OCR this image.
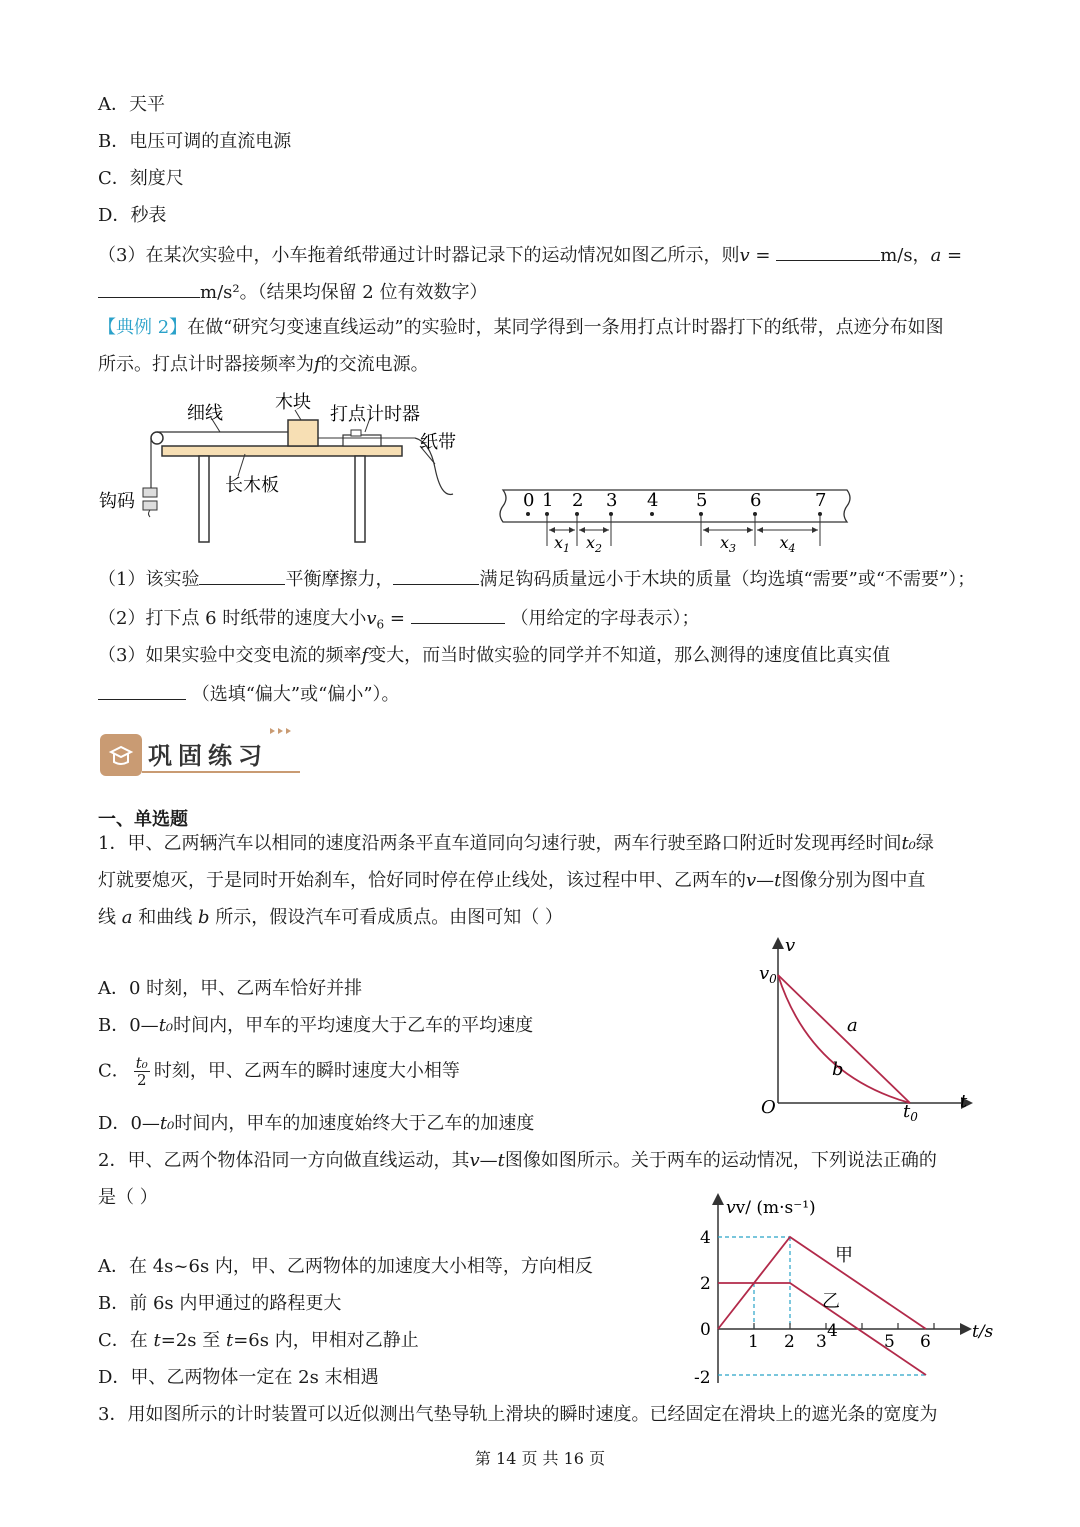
A．天平
B．电压可调的直流电源
C．刻度尺
D．秒表
（3）在某次实验中，小车拖着纸带通过计时器记录下的运动情况如图乙所示，则v =	m/s，a =
m/s²。（结果均保留 2 位有效数字）
【典例 2】在做“研究匀变速直线运动”的实验时，某同学得到一条用打点计时器打下的纸带，点迹分布如图
所示。打点计时器接频率为f的交流电源。
细线
木块
打点计时器
纸带
长木板
钩码	0 1 2 3 4 5 6	7
$x_1$ $x_2$	$x_3$	$x_4$
（1）该实验	平衡摩擦力，	满足钩码质量远小于木块的质量（均选填“需要”或“不需要”）；
（2）打下点 6 时纸带的速度大小$v_6$ =	（用给定的字母表示）；
（3）如果实验中交变电流的频率f变大，而当时做实验的同学并不知道，那么测得的速度值比真实值
（选填“偏大”或“偏小”）。
巩固练习
一、单选题
1．甲、乙两辆汽车以相同的速度沿两条平直车道同向匀速行驶，两车行驶至路口附近时发现再经时间t₀绿
灯就要熄灭，于是同时开始刹车，恰好同时停在停止线处，该过程中甲、乙两车的v—t图像分别为图中直
线 a 和曲线 b 所示，假设汽车可看成质点。由图可知（ ）
A．0 时刻，甲、乙两车恰好并排
B．0—t₀时间内，甲车的平均速度大于乙车的平均速度
C． $\frac{\text{t₀}}{2}$ 时刻，甲、乙两车的瞬时速度大小相等
D．0—t₀时间内，甲车的加速度始终大于乙车的加速度
v
$v_0$
a
b
O	$t_0$
t
2．甲、乙两个物体沿同一方向做直线运动，其v—t图像如图所示。关于两车的运动情况，下列说法正确的
是（ ）
A．在 4s~6s 内，甲、乙两物体的加速度大小相等，方向相反
B．前 6s 内甲通过的路程更大
C．在 t=2s 至 t=6s 内，甲相对乙静止
D．甲、乙两物体一定在 2s 末相遇
vv/ (m·s⁻¹)
t/s
4
2
0
-2
1 2 3
4
5 6
甲
乙
3．用如图所示的计时装置可以近似测出气垫导轨上滑块的瞬时速度。已经固定在滑块上的遮光条的宽度为
第 14 页 共 16 页
